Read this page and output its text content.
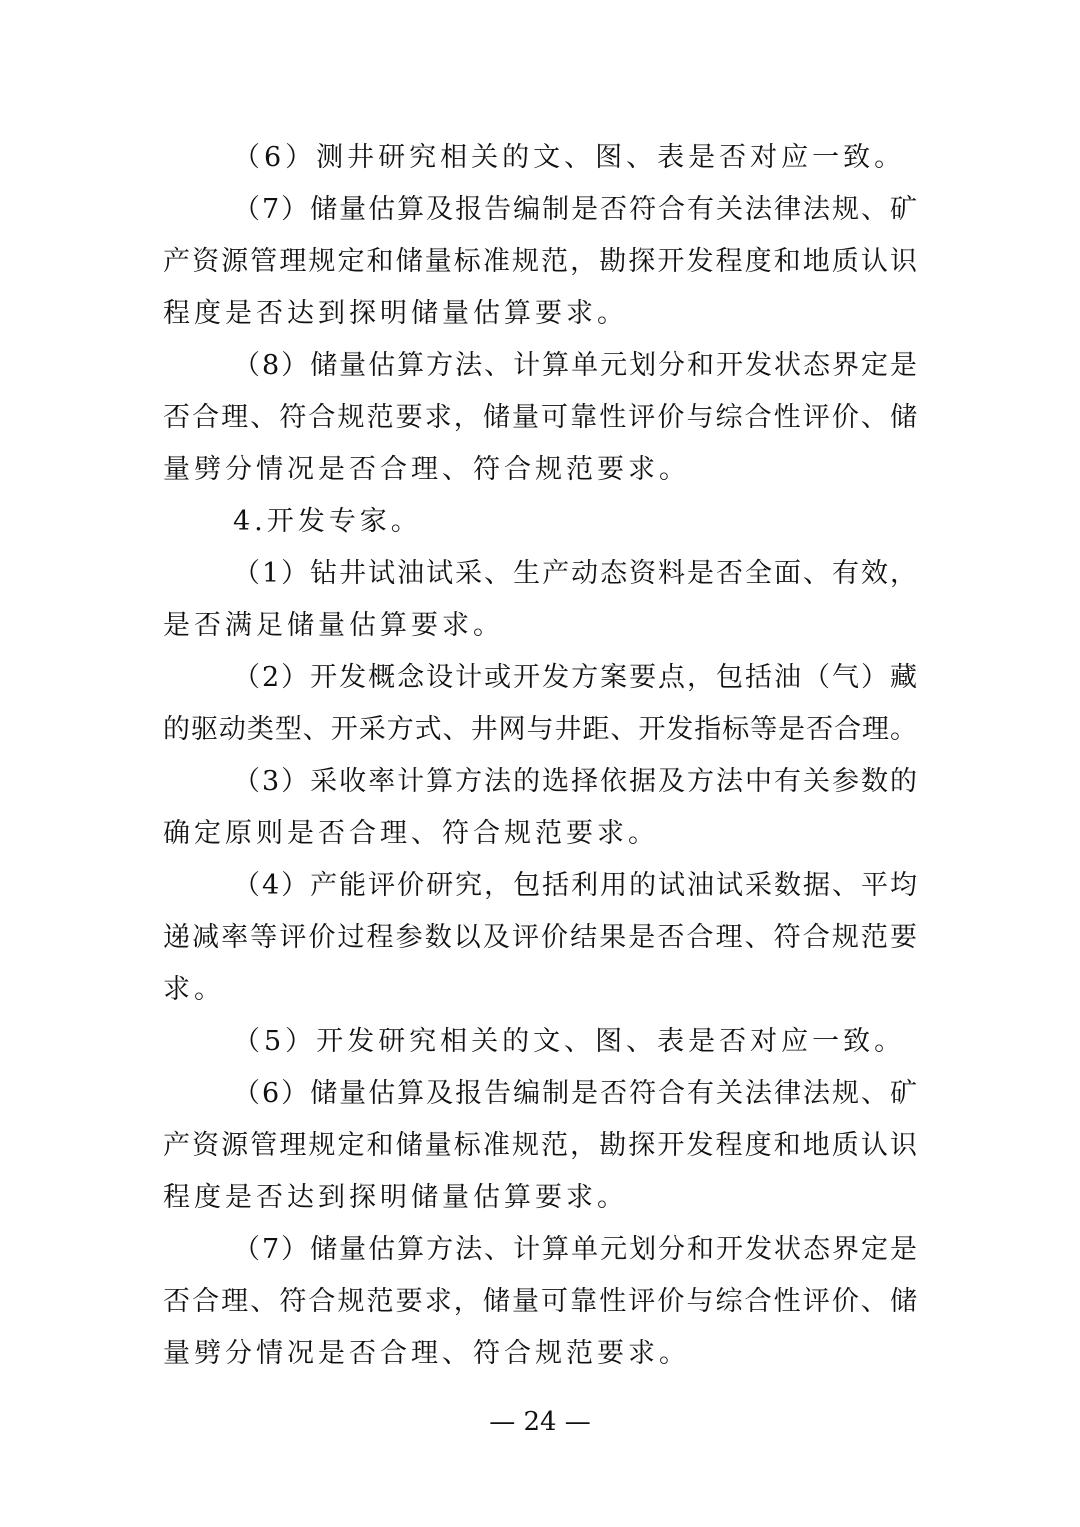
（6）测井研究相关的文、图、表是否对应一致。
（7）储量估算及报告编制是否符合有关法律法规、矿
产资源管理规定和储量标准规范，勘探开发程度和地质认识
程度是否达到探明储量估算要求。
（8）储量估算方法、计算单元划分和开发状态界定是
否合理、符合规范要求，储量可靠性评价与综合性评价、储
量劈分情况是否合理、符合规范要求。
4.开发专家。
（1）钻井试油试采、生产动态资料是否全面、有效，
是否满足储量估算要求。
（2）开发概念设计或开发方案要点，包括油（气）藏
的驱动类型、开采方式、井网与井距、开发指标等是否合理。
（3）采收率计算方法的选择依据及方法中有关参数的
确定原则是否合理、符合规范要求。
（4）产能评价研究，包括利用的试油试采数据、平均
递减率等评价过程参数以及评价结果是否合理、符合规范要
求。
（5）开发研究相关的文、图、表是否对应一致。
（6）储量估算及报告编制是否符合有关法律法规、矿
产资源管理规定和储量标准规范，勘探开发程度和地质认识
程度是否达到探明储量估算要求。
（7）储量估算方法、计算单元划分和开发状态界定是
否合理、符合规范要求，储量可靠性评价与综合性评价、储
量劈分情况是否合理、符合规范要求。
— 24 —
